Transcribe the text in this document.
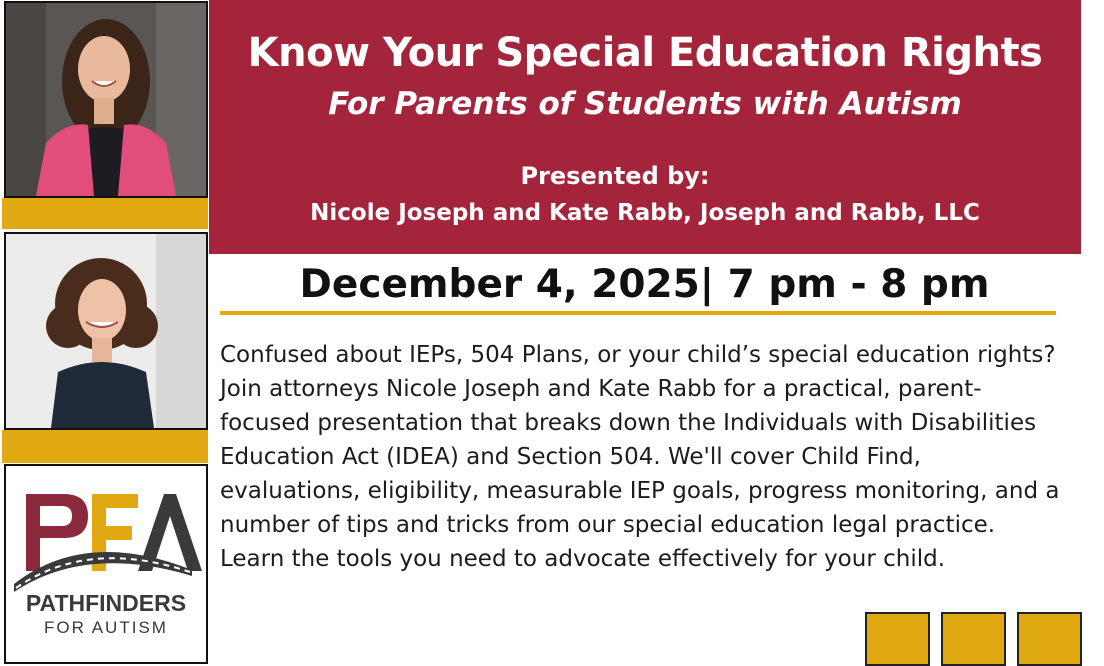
PATHFINDERS
FOR AUTISM
Know Your Special Education Rights
For Parents of Students with Autism
Presented by:
Nicole Joseph and Kate Rabb, Joseph and Rabb, LLC
December 4, 2025| 7 pm - 8 pm

Confused about IEPs, 504 Plans, or your child’s special education rights? Join attorneys Nicole Joseph and Kate Rabb for a practical, parent-focused presentation that breaks down the Individuals with Disabilities Education Act (IDEA) and Section 504. We'll cover Child Find, evaluations, eligibility, measurable IEP goals, progress monitoring, and a number of tips and tricks from our special education legal practice. Learn the tools you need to advocate effectively for your child.
